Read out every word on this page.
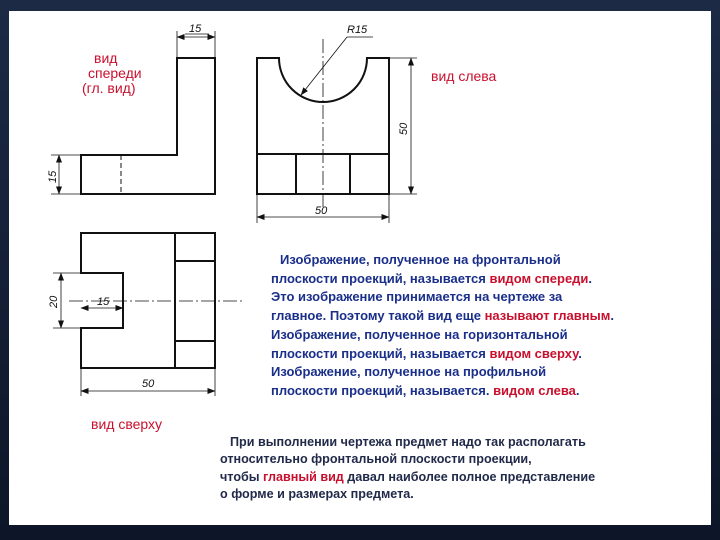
15
15
R15
50
50
20	15
50
вид
спереди
(гл. вид)
вид слева
вид сверху
Изображение, полученное на фронтальной
плоскости проекций, называется видом спереди.
Это изображение принимается на чертеже за
главное. Поэтому такой вид еще называют главным.
Изображение, полученное на горизонтальной
плоскости проекций, называется видом сверху.
Изображение, полученное на профильной
плоскости проекций, называется. видом слева.
При выполнении чертежа предмет надо так располагать
относительно фронтальной плоскости проекции,
чтобы главный вид давал наиболее полное представление
о форме и размерах предмета.
